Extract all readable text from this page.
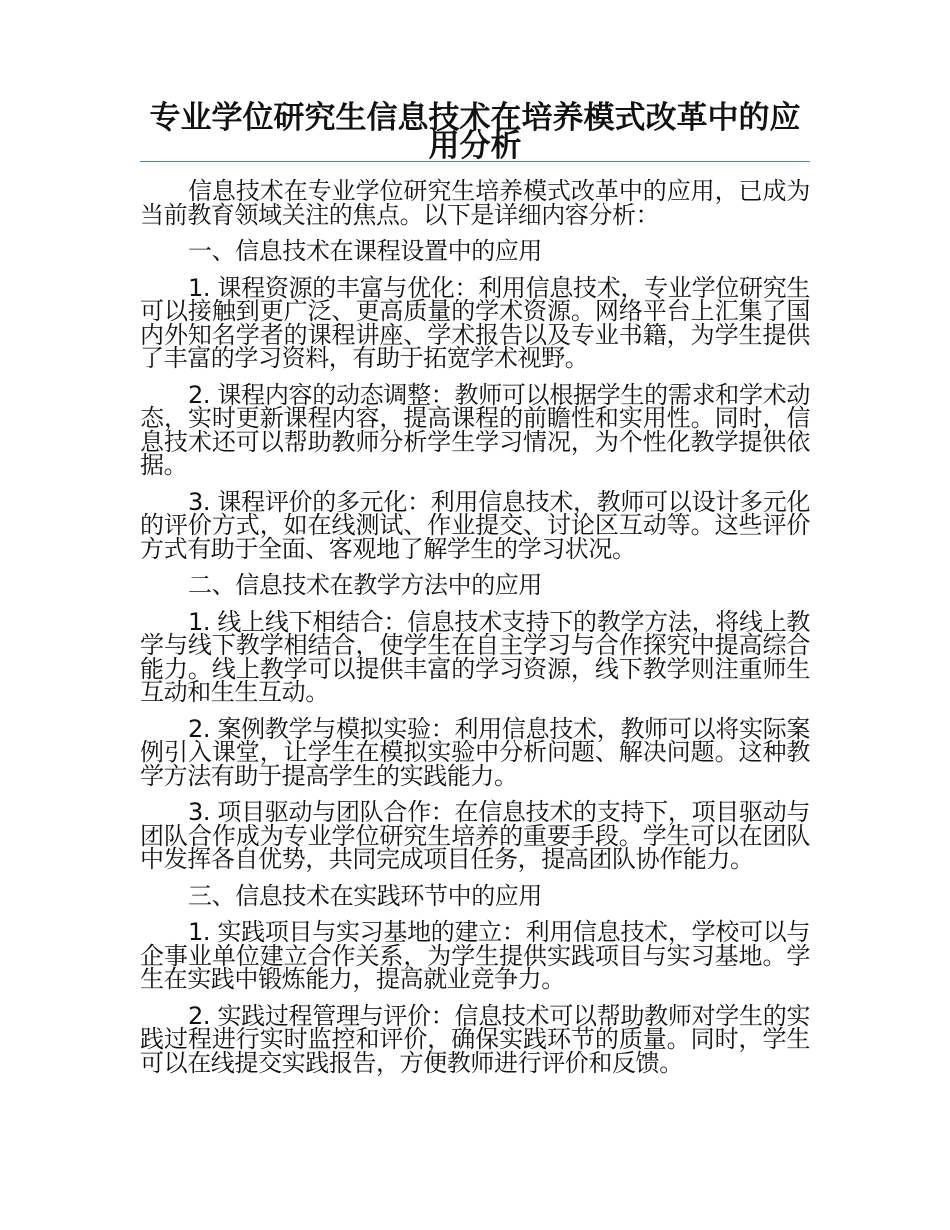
专业学位研究生信息技术在培养模式改革中的应用分析

信息技术在专业学位研究生培养模式改革中的应用，已成为当前教育领域关注的焦点。以下是详细内容分析：

一、信息技术在课程设置中的应用

1. 课程资源的丰富与优化：利用信息技术，专业学位研究生可以接触到更广泛、更高质量的学术资源。网络平台上汇集了国内外知名学者的课程讲座、学术报告以及专业书籍，为学生提供了丰富的学习资料，有助于拓宽学术视野。

2. 课程内容的动态调整：教师可以根据学生的需求和学术动态，实时更新课程内容，提高课程的前瞻性和实用性。同时，信息技术还可以帮助教师分析学生学习情况，为个性化教学提供依据。

3. 课程评价的多元化：利用信息技术，教师可以设计多元化的评价方式，如在线测试、作业提交、讨论区互动等。这些评价方式有助于全面、客观地了解学生的学习状况。

二、信息技术在教学方法中的应用

1. 线上线下相结合：信息技术支持下的教学方法，将线上教学与线下教学相结合，使学生在自主学习与合作探究中提高综合能力。线上教学可以提供丰富的学习资源，线下教学则注重师生互动和生生互动。

2. 案例教学与模拟实验：利用信息技术，教师可以将实际案例引入课堂，让学生在模拟实验中分析问题、解决问题。这种教学方法有助于提高学生的实践能力。

3. 项目驱动与团队合作：在信息技术的支持下，项目驱动与团队合作成为专业学位研究生培养的重要手段。学生可以在团队中发挥各自优势，共同完成项目任务，提高团队协作能力。

三、信息技术在实践环节中的应用

1. 实践项目与实习基地的建立：利用信息技术，学校可以与企事业单位建立合作关系，为学生提供实践项目与实习基地。学生在实践中锻炼能力，提高就业竞争力。

2. 实践过程管理与评价：信息技术可以帮助教师对学生的实践过程进行实时监控和评价，确保实践环节的质量。同时，学生可以在线提交实践报告，方便教师进行评价和反馈。
